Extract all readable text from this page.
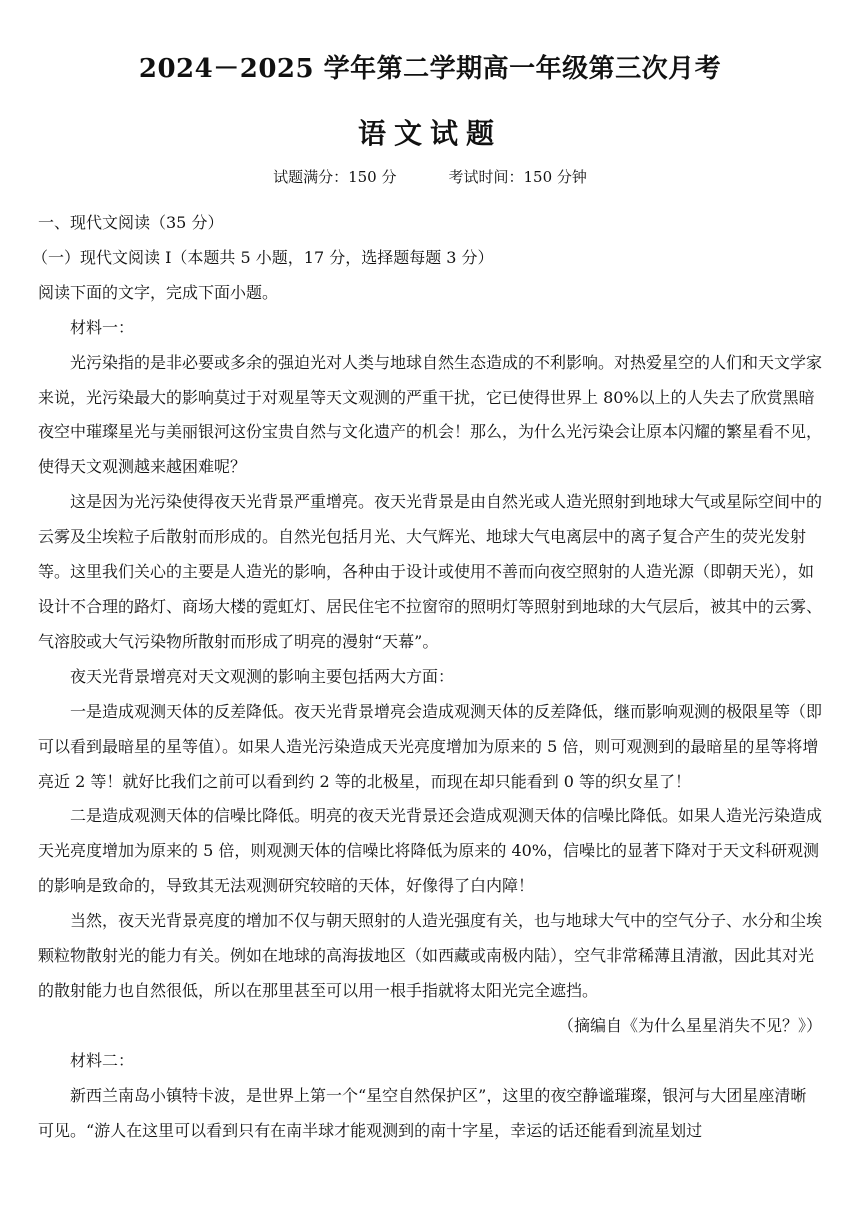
2024－2025 学年第二学期高一年级第三次月考
语文试题
试题满分：150 分	考试时间：150 分钟

一、现代文阅读（35 分）

（一）现代文阅读 I（本题共 5 小题，17 分，选择题每题 3 分）

阅读下面的文字，完成下面小题。

材料一：

光污染指的是非必要或多余的强迫光对人类与地球自然生态造成的不利影响。对热爱星空的人们和天文学家来说，光污染最大的影响莫过于对观星等天文观测的严重干扰，它已使得世界上 80%以上的人失去了欣赏黑暗夜空中璀璨星光与美丽银河这份宝贵自然与文化遗产的机会！那么，为什么光污染会让原本闪耀的繁星看不见，使得天文观测越来越困难呢？

这是因为光污染使得夜天光背景严重增亮。夜天光背景是由自然光或人造光照射到地球大气或星际空间中的云雾及尘埃粒子后散射而形成的。自然光包括月光、大气辉光、地球大气电离层中的离子复合产生的荧光发射等。这里我们关心的主要是人造光的影响，各种由于设计或使用不善而向夜空照射的人造光源（即朝天光），如设计不合理的路灯、商场大楼的霓虹灯、居民住宅不拉窗帘的照明灯等照射到地球的大气层后，被其中的云雾、气溶胶或大气污染物所散射而形成了明亮的漫射“天幕”。

夜天光背景增亮对天文观测的影响主要包括两大方面：

一是造成观测天体的反差降低。夜天光背景增亮会造成观测天体的反差降低，继而影响观测的极限星等（即可以看到最暗星的星等值）。如果人造光污染造成天光亮度增加为原来的 5 倍，则可观测到的最暗星的星等将增亮近 2 等！就好比我们之前可以看到约 2 等的北极星，而现在却只能看到 0 等的织女星了！

二是造成观测天体的信噪比降低。明亮的夜天光背景还会造成观测天体的信噪比降低。如果人造光污染造成天光亮度增加为原来的 5 倍，则观测天体的信噪比将降低为原来的 40%，信噪比的显著下降对于天文科研观测的影响是致命的，导致其无法观测研究较暗的天体，好像得了白内障！

当然，夜天光背景亮度的增加不仅与朝天照射的人造光强度有关，也与地球大气中的空气分子、水分和尘埃颗粒物散射光的能力有关。例如在地球的高海拔地区（如西藏或南极内陆），空气非常稀薄且清澈，因此其对光的散射能力也自然很低，所以在那里甚至可以用一根手指就将太阳光完全遮挡。

（摘编自《为什么星星消失不见？》）

材料二：

新西兰南岛小镇特卡波，是世界上第一个“星空自然保护区”，这里的夜空静谧璀璨，银河与大团星座清晰可见。“游人在这里可以看到只有在南半球才能观测到的南十字星，幸运的话还能看到流星划过
